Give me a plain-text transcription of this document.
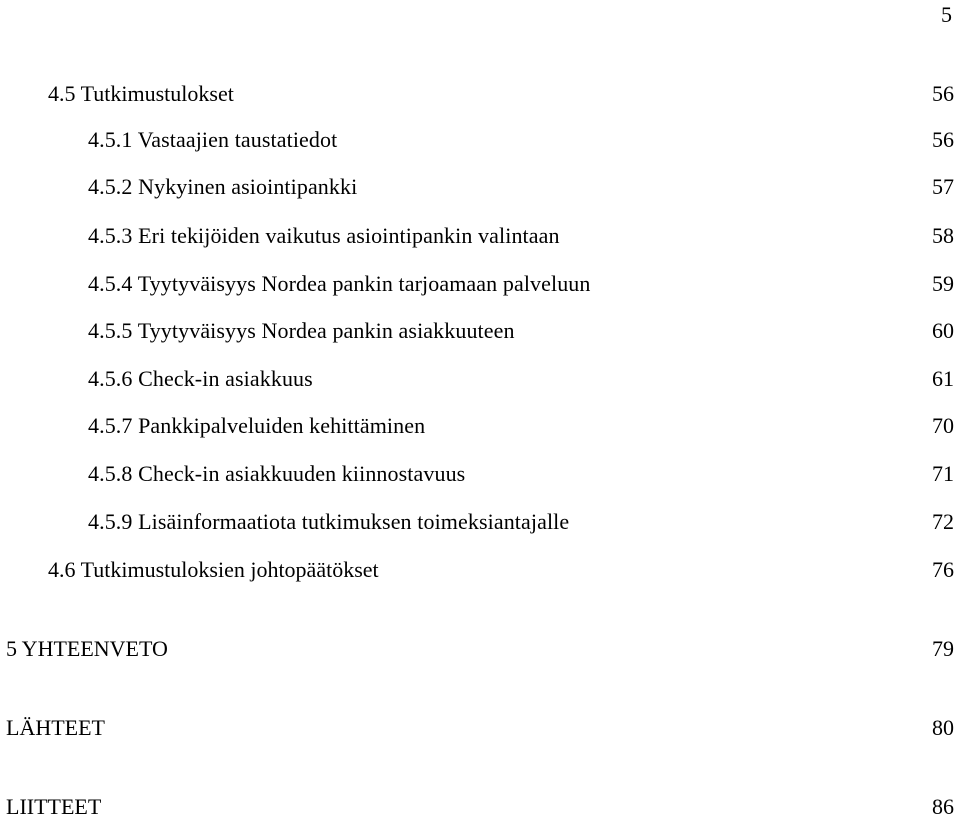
5
4.5 Tutkimustulokset	56
4.5.1 Vastaajien taustatiedot	56
4.5.2 Nykyinen asiointipankki	57
4.5.3 Eri tekijöiden vaikutus asiointipankin valintaan	58
4.5.4 Tyytyväisyys Nordea pankin tarjoamaan palveluun	59
4.5.5 Tyytyväisyys Nordea pankin asiakkuuteen	60
4.5.6 Check-in asiakkuus	61
4.5.7 Pankkipalveluiden kehittäminen	70
4.5.8 Check-in asiakkuuden kiinnostavuus	71
4.5.9 Lisäinformaatiota tutkimuksen toimeksiantajalle	72
4.6 Tutkimustuloksien johtopäätökset	76
5 YHTEENVETO	79
LÄHTEET	80
LIITTEET	86
